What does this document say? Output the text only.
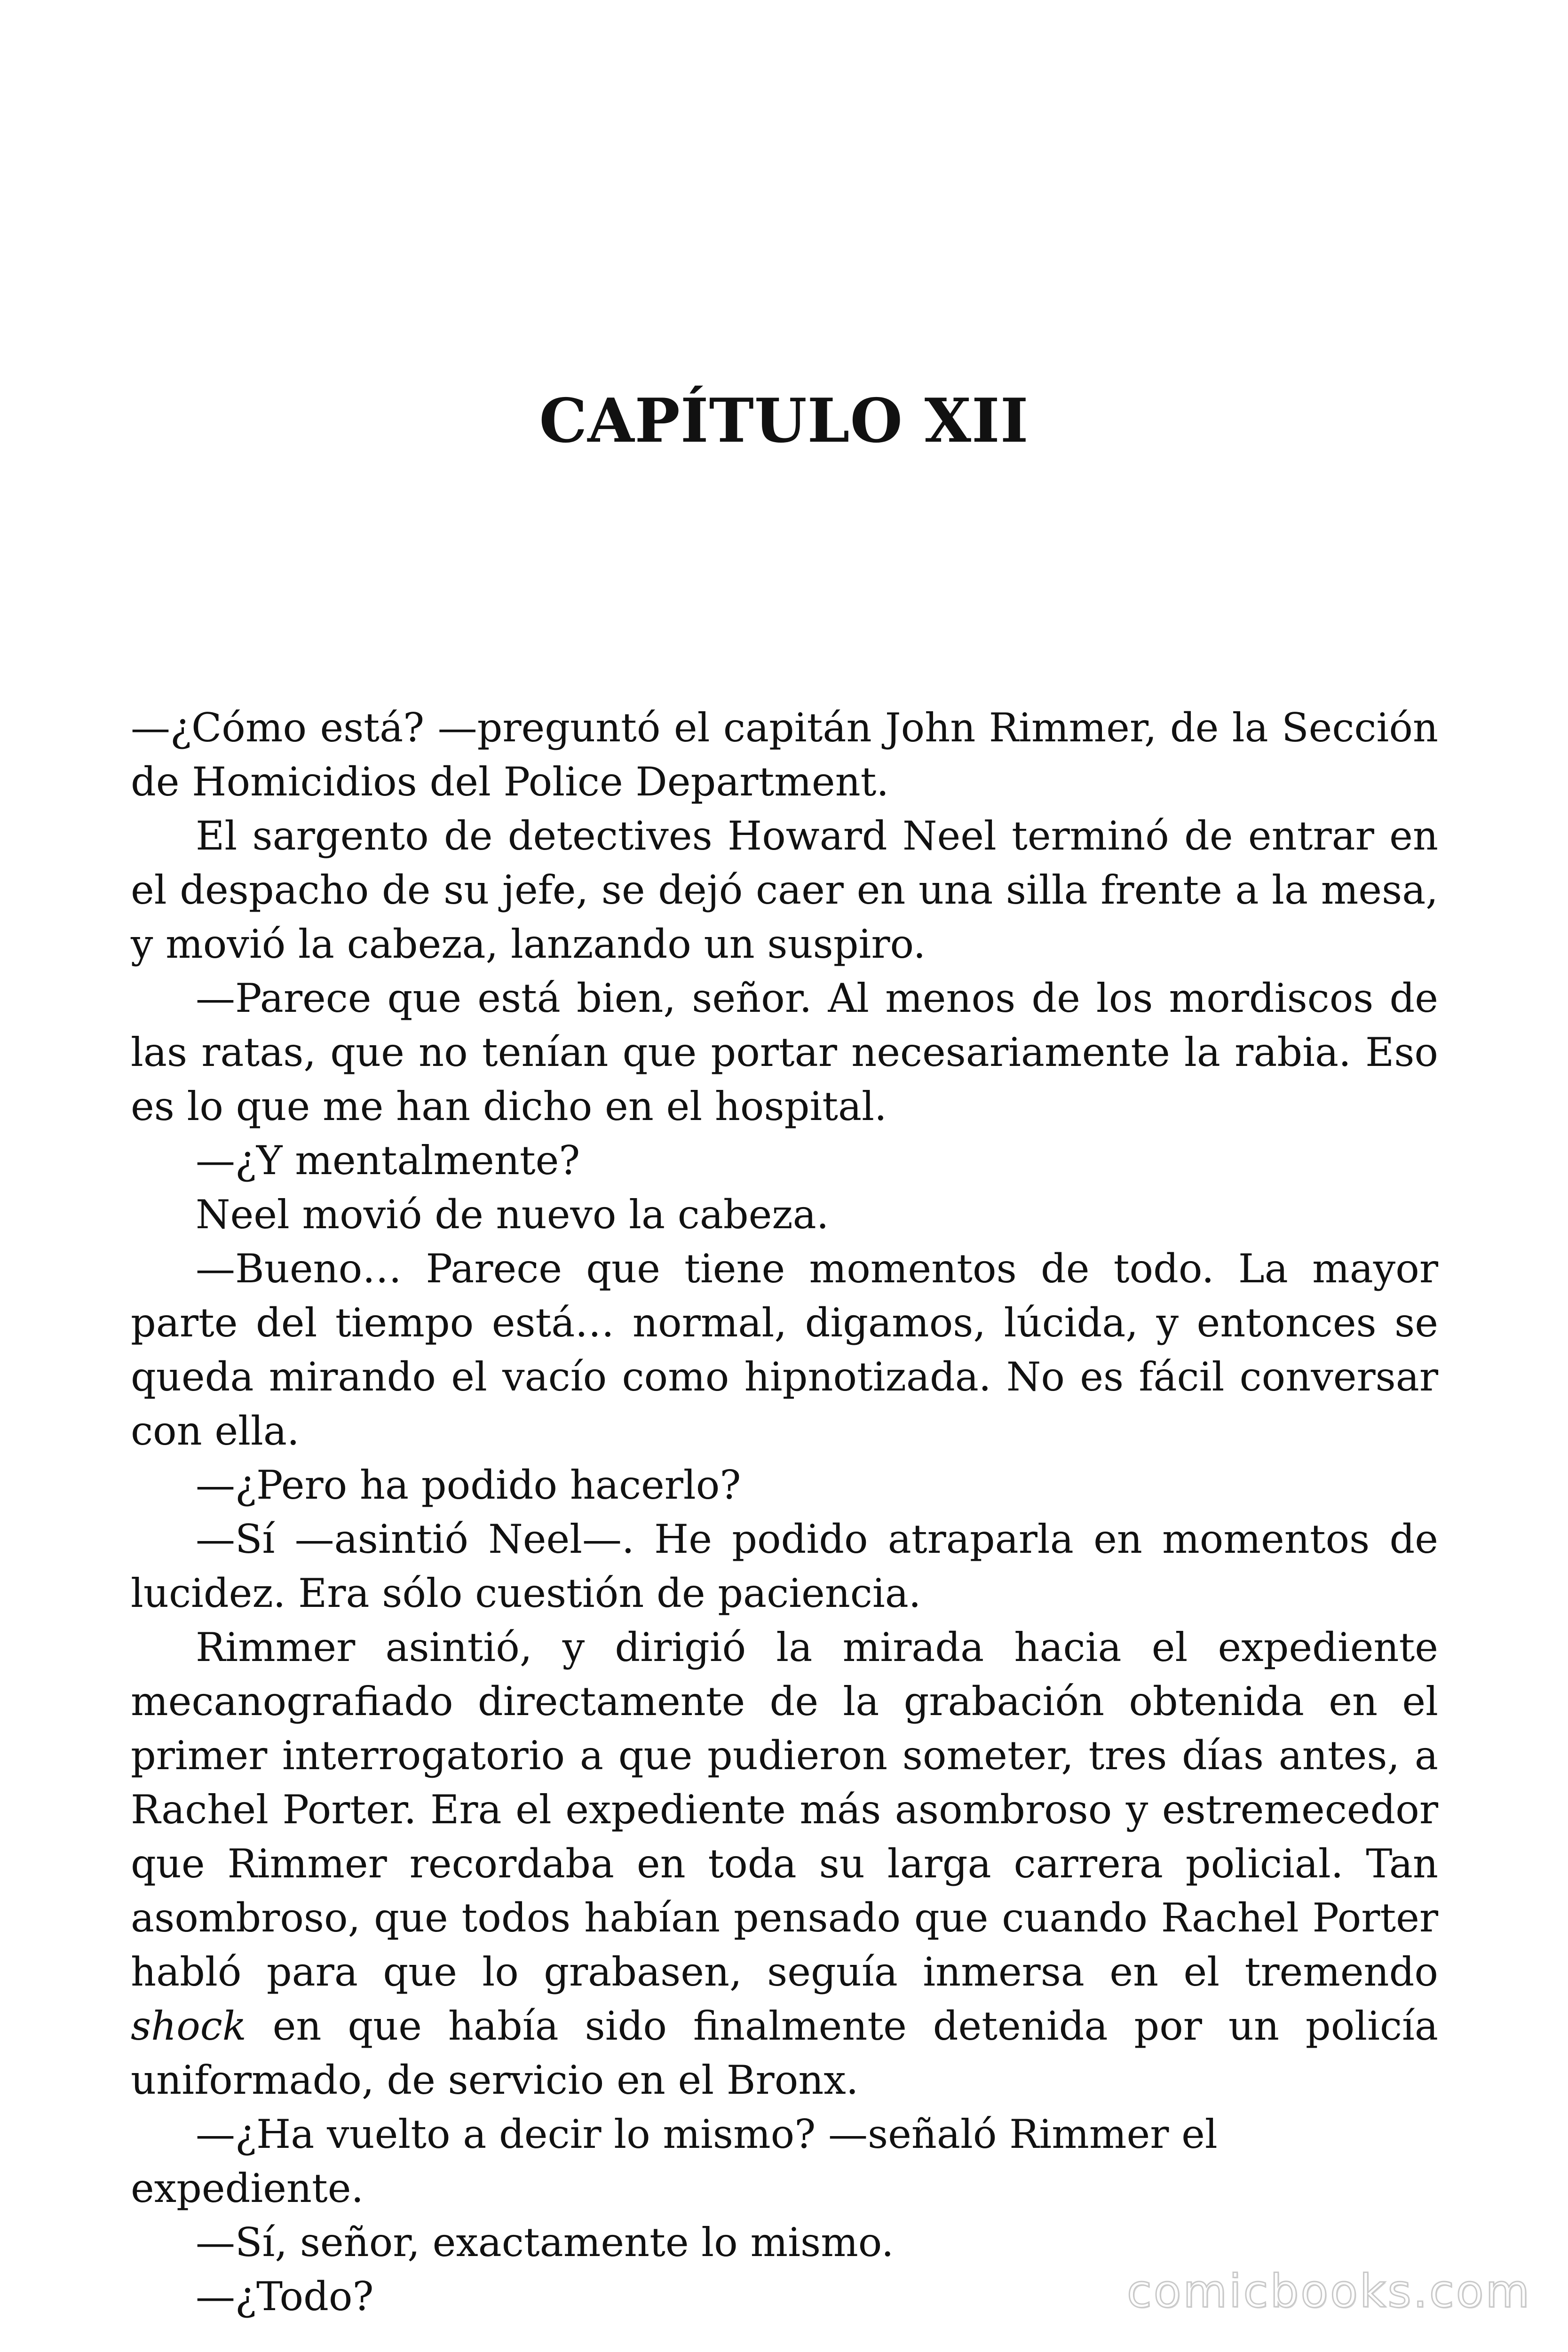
CAPÍTULO XII

—¿Cómo está? —preguntó el capitán John Rimmer, de la Sección de Homicidios del Police Department.

El sargento de detectives Howard Neel terminó de entrar en el despacho de su jefe, se dejó caer en una silla frente a la mesa, y movió la cabeza, lanzando un suspiro.

—Parece que está bien, señor. Al menos de los mordiscos de las ratas, que no tenían que portar necesariamente la rabia. Eso es lo que me han dicho en el hospital.

—¿Y mentalmente?

Neel movió de nuevo la cabeza.

—Bueno… Parece que tiene momentos de todo. La mayor parte del tiempo está… normal, digamos, lúcida, y entonces se queda mirando el vacío como hipnotizada. No es fácil conversar con ella.

—¿Pero ha podido hacerlo?

—Sí —asintió Neel—. He podido atraparla en momentos de lucidez. Era sólo cuestión de paciencia.

Rimmer asintió, y dirigió la mirada hacia el expediente mecanografiado directamente de la grabación obtenida en el primer interrogatorio a que pudieron someter, tres días antes, a Rachel Porter. Era el expediente más asombroso y estremecedor que Rimmer recordaba en toda su larga carrera policial. Tan asombroso, que todos habían pensado que cuando Rachel Porter habló para que lo grabasen, seguía inmersa en el tremendo shock en que había sido finalmente detenida por un policía uniformado, de servicio en el Bronx.

—¿Ha vuelto a decir lo mismo? —señaló Rimmer el expediente.

—Sí, señor, exactamente lo mismo.

—¿Todo?	comicbooks.com
